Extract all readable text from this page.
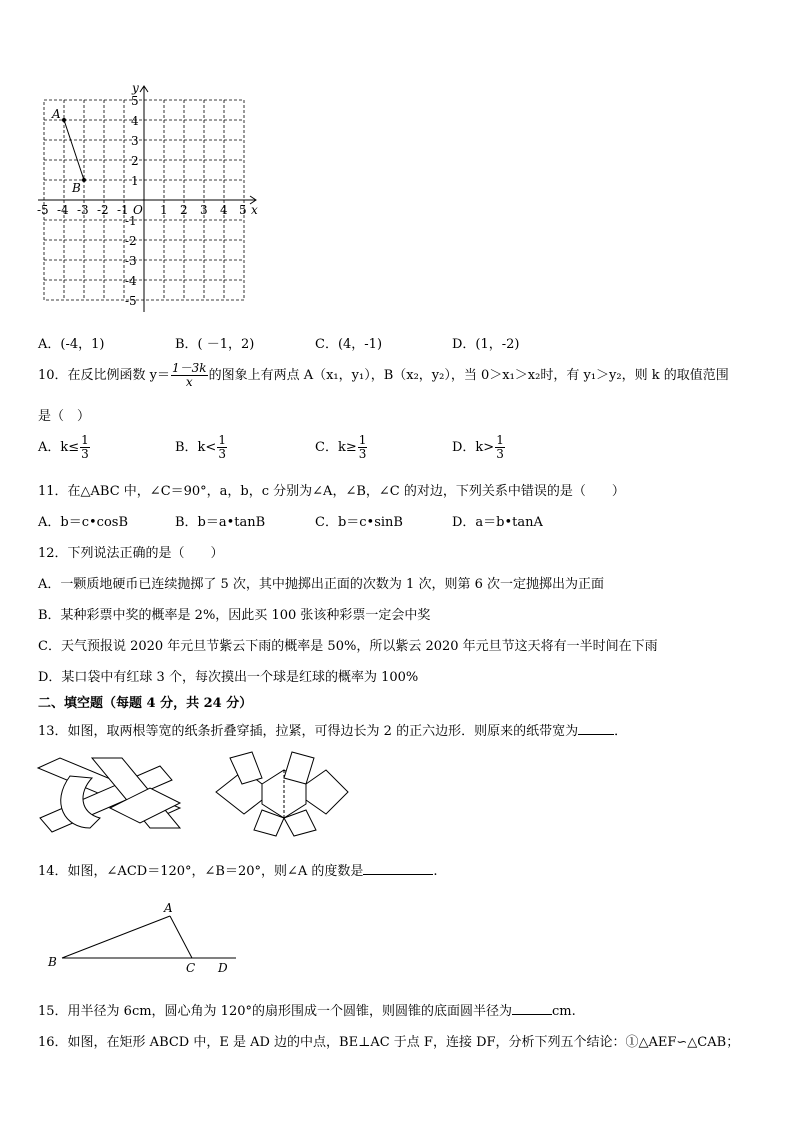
x
y
O
-5 -4 -3 -2 -1	1 2 3 4 5
5
4
3
2
1
-1
-2
-3
-4
-5
A
B
A．(-4，1)	B．( －1，2)	C．(4，-1)	D．(1，-2)
10．在反比例函数 $y= \frac{1-3k}{x}$ 的图象上有两点 A（x₁，y₁），B（x₂，y₂），当 0＞x₁＞x₂时，有 y₁＞y₂，则 k 的取值范围
是（　）
A．$k\le \frac{1}{3}$	B．$k< \frac{1}{3}$	C．$k\ge \frac{1}{3}$	D．$k> \frac{1}{3}$
11．在△ABC 中，∠C＝90°，a，b，c 分别为∠A，∠B，∠C 的对边，下列关系中错误的是（　　）
A．b＝c•cosB	B．b＝a•tanB	C．b＝c•sinB	D．a＝b•tanA
12．下列说法正确的是（　　）
A．一颗质地硬币已连续抛掷了 5 次，其中抛掷出正面的次数为 1 次，则第 6 次一定抛掷出为正面
B．某种彩票中奖的概率是 2%，因此买 100 张该种彩票一定会中奖
C．天气预报说 2020 年元旦节紫云下雨的概率是 50%，所以紫云 2020 年元旦节这天将有一半时间在下雨
D．某口袋中有红球 3 个，每次摸出一个球是红球的概率为 100%
二、填空题（每题 4 分，共 24 分）
13．如图，取两根等宽的纸条折叠穿插，拉紧，可得边长为 2 的正六边形．则原来的纸带宽为	．
14．如图，∠ACD＝120°，∠B＝20°，则∠A 的度数是	.
A
B	C D
15．用半径为 6cm，圆心角为 120°的扇形围成一个圆锥，则圆锥的底面圆半径为	cm.
16．如图，在矩形 ABCD 中，E 是 AD 边的中点，BE⊥AC 于点 F，连接 DF，分析下列五个结论：①△AEF∽△CAB；
